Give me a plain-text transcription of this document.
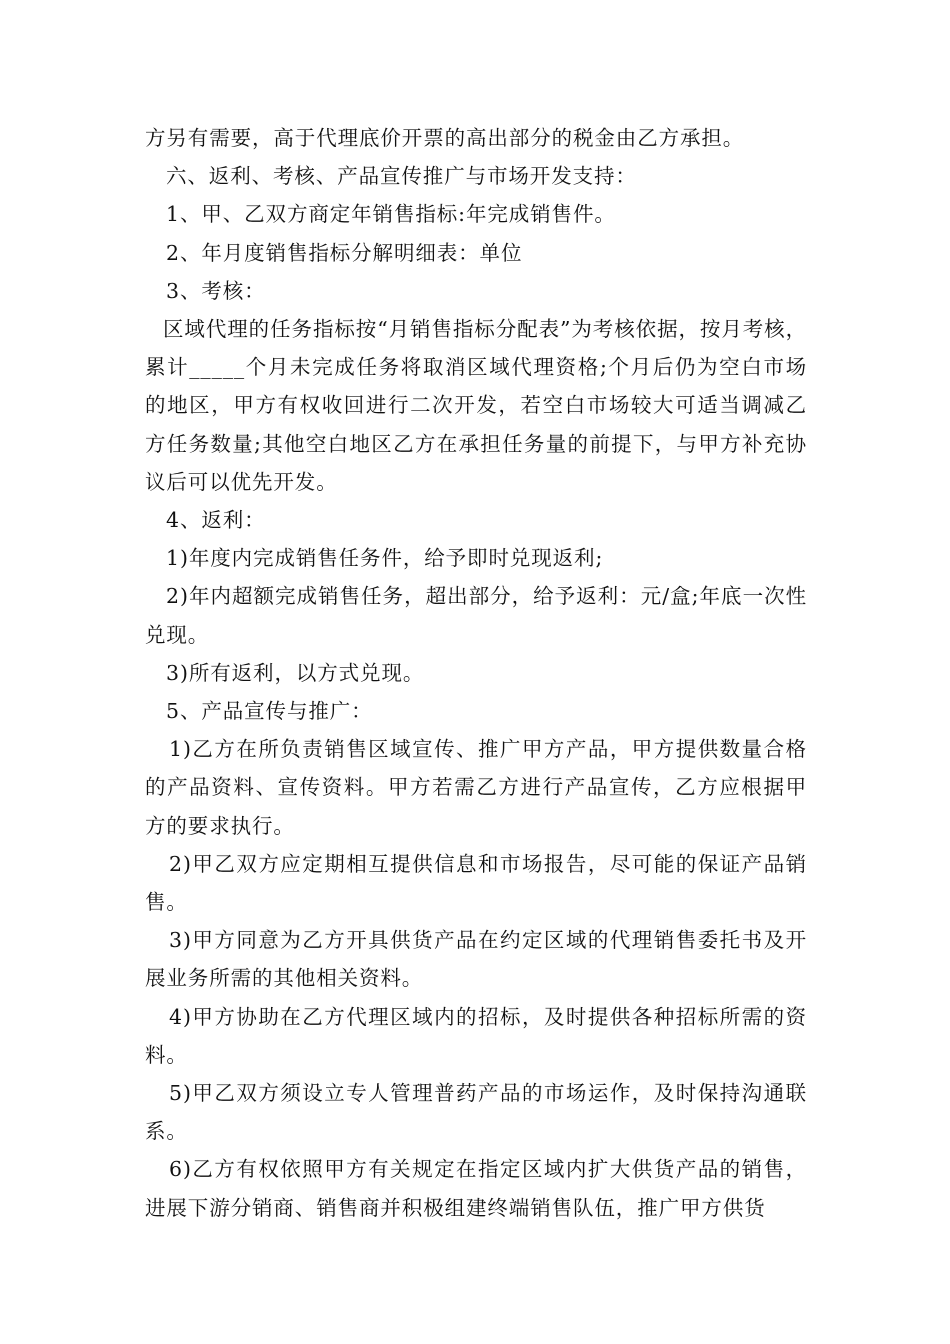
方另有需要，高于代理底价开票的高出部分的税金由乙方承担。

六、返利、考核、产品宣传推广与市场开发支持：

1、甲、乙双方商定年销售指标:年完成销售件。

2、年月度销售指标分解明细表：单位

3、考核：

区域代理的任务指标按“月销售指标分配表”为考核依据，按月考核，累计_____个月未完成任务将取消区域代理资格;个月后仍为空白市场的地区，甲方有权收回进行二次开发，若空白市场较大可适当调减乙方任务数量;其他空白地区乙方在承担任务量的前提下，与甲方补充协议后可以优先开发。

4、返利：

1)年度内完成销售任务件，给予即时兑现返利;

2)年内超额完成销售任务，超出部分，给予返利：元/盒;年底一次性兑现。

3)所有返利，以方式兑现。

5、产品宣传与推广：

1)乙方在所负责销售区域宣传、推广甲方产品，甲方提供数量合格的产品资料、宣传资料。甲方若需乙方进行产品宣传，乙方应根据甲方的要求执行。

2)甲乙双方应定期相互提供信息和市场报告，尽可能的保证产品销售。

3)甲方同意为乙方开具供货产品在约定区域的代理销售委托书及开展业务所需的其他相关资料。

4)甲方协助在乙方代理区域内的招标，及时提供各种招标所需的资料。

5)甲乙双方须设立专人管理普药产品的市场运作，及时保持沟通联系。

6)乙方有权依照甲方有关规定在指定区域内扩大供货产品的销售，进展下游分销商、销售商并积极组建终端销售队伍，推广甲方供货
